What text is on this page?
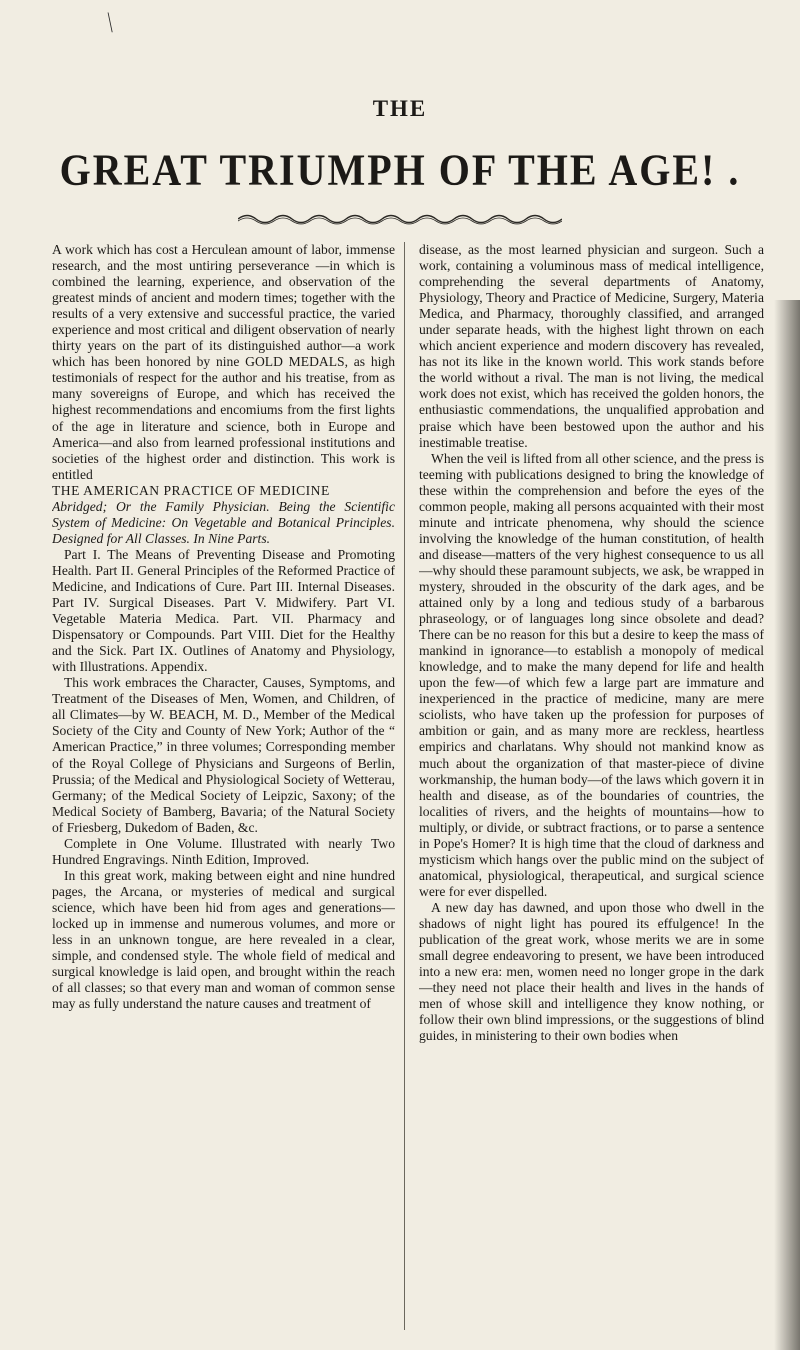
\
THE
GREAT TRIUMPH OF THE AGE! .

A work which has cost a Herculean amount of labor, immense research, and the most untiring perseverance —in which is combined the learning, experience, and observation of the greatest minds of ancient and modern times; together with the results of a very extensive and successful practice, the varied experience and most critical and diligent observation of nearly thirty years on the part of its distinguished author—a work which has been honored by nine GOLD MEDALS, as high testimonials of respect for the author and his treatise, from as many sovereigns of Europe, and which has received the highest recommendations and encomiums from the first lights of the age in literature and science, both in Europe and America—and also from learned professional institutions and societies of the highest order and distinction. This work is entitled

THE AMERICAN PRACTICE OF MEDICINE

Abridged; Or the Family Physician. Being the Scientific System of Medicine: On Vegetable and Botanical Principles. Designed for All Classes. In Nine Parts.

Part I. The Means of Preventing Disease and Promoting Health. Part II. General Principles of the Reformed Practice of Medicine, and Indications of Cure. Part III. Internal Diseases. Part IV. Surgical Diseases. Part V. Midwifery. Part VI. Vegetable Materia Medica. Part. VII. Pharmacy and Dispensatory or Compounds. Part VIII. Diet for the Healthy and the Sick. Part IX. Outlines of Anatomy and Physiology, with Illustrations. Appendix.

This work embraces the Character, Causes, Symptoms, and Treatment of the Diseases of Men, Women, and Children, of all Climates—by W. BEACH, M. D., Member of the Medical Society of the City and County of New York; Author of the “ American Practice,” in three volumes; Corresponding member of the Royal College of Physicians and Surgeons of Berlin, Prussia; of the Medical and Physiological Society of Wetterau, Germany; of the Medical Society of Leipzic, Saxony; of the Medical Society of Bamberg, Bavaria; of the Natural Society of Friesberg, Dukedom of Baden, &c.

Complete in One Volume. Illustrated with nearly Two Hundred Engravings. Ninth Edition, Improved.

In this great work, making between eight and nine hundred pages, the Arcana, or mysteries of medical and surgical science, which have been hid from ages and generations—locked up in immense and numerous volumes, and more or less in an unknown tongue, are here revealed in a clear, simple, and condensed style. The whole field of medical and surgical knowledge is laid open, and brought within the reach of all classes; so that every man and woman of common sense may as fully understand the nature causes and treatment of

disease, as the most learned physician and surgeon. Such a work, containing a voluminous mass of medical intelligence, comprehending the several departments of Anatomy, Physiology, Theory and Practice of Medicine, Surgery, Materia Medica, and Pharmacy, thoroughly classified, and arranged under separate heads, with the highest light thrown on each which ancient experience and modern discovery has revealed, has not its like in the known world. This work stands before the world without a rival. The man is not living, the medical work does not exist, which has received the golden honors, the enthusiastic commendations, the unqualified approbation and praise which have been bestowed upon the author and his inestimable treatise.

When the veil is lifted from all other science, and the press is teeming with publications designed to bring the knowledge of these within the comprehension and before the eyes of the common people, making all persons acquainted with their most minute and intricate phenomena, why should the science involving the knowledge of the human constitution, of health and disease—matters of the very highest consequence to us all—why should these paramount subjects, we ask, be wrapped in mystery, shrouded in the obscurity of the dark ages, and be attained only by a long and tedious study of a barbarous phraseology, or of languages long since obsolete and dead? There can be no reason for this but a desire to keep the mass of mankind in ignorance—to establish a monopoly of medical knowledge, and to make the many depend for life and health upon the few—of which few a large part are immature and inexperienced in the practice of medicine, many are mere sciolists, who have taken up the profession for purposes of ambition or gain, and as many more are reckless, heartless empirics and charlatans. Why should not mankind know as much about the organization of that master-piece of divine workmanship, the human body—of the laws which govern it in health and disease, as of the boundaries of countries, the localities of rivers, and the heights of mountains—how to multiply, or divide, or subtract fractions, or to parse a sentence in Pope's Homer? It is high time that the cloud of darkness and mysticism which hangs over the public mind on the subject of anatomical, physiological, therapeutical, and surgical science were for ever dispelled.

A new day has dawned, and upon those who dwell in the shadows of night light has poured its effulgence! In the publication of the great work, whose merits we are in some small degree endeavoring to present, we have been introduced into a new era: men, women need no longer grope in the dark—they need not place their health and lives in the hands of men of whose skill and intelligence they know nothing, or follow their own blind impressions, or the suggestions of blind guides, in ministering to their own bodies when
